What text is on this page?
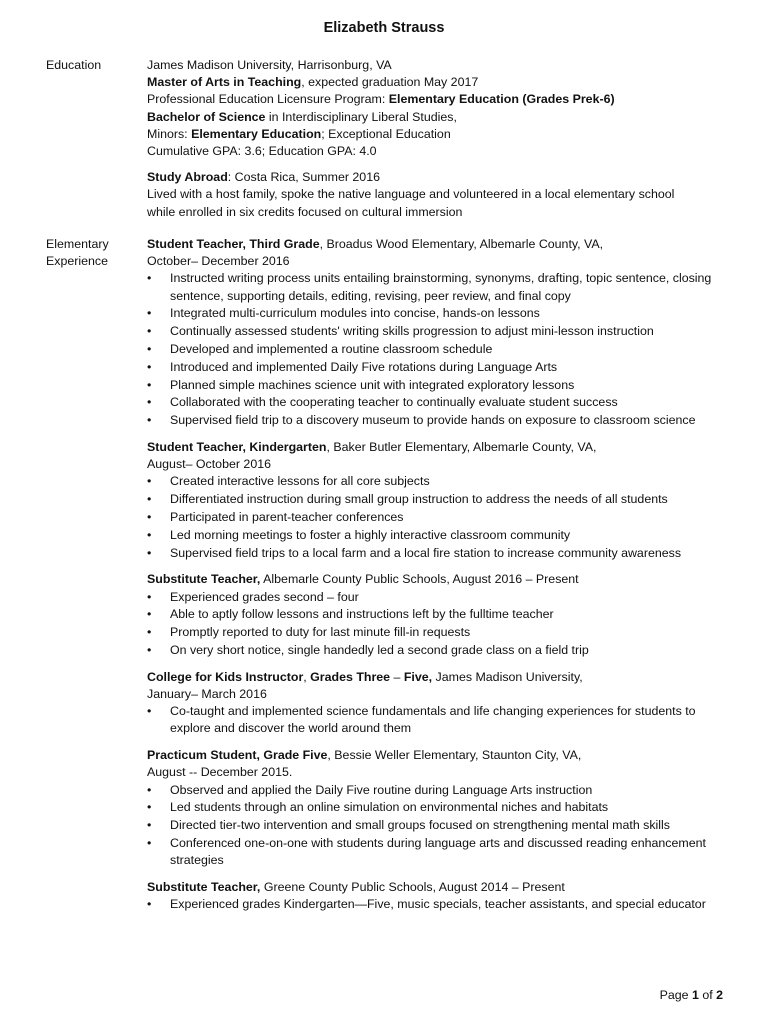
Elizabeth Strauss
Education	James Madison University, Harrisonburg, VA
Master of Arts in Teaching, expected graduation May 2017
Professional Education Licensure Program: Elementary Education (Grades Prek-6)
Bachelor of Science in Interdisciplinary Liberal Studies,
Minors: Elementary Education; Exceptional Education
Cumulative GPA: 3.6; Education GPA: 4.0
Study Abroad: Costa Rica, Summer 2016
Lived with a host family, spoke the native language and volunteered in a local elementary school
while enrolled in six credits focused on cultural immersion
Elementary
Experience
Student Teacher, Third Grade, Broadus Wood Elementary, Albemarle County, VA,
October– December 2016
• Instructed writing process units entailing brainstorming, synonyms, drafting, topic sentence, closing sentence, supporting details, editing, revising, peer review, and final copy
• Integrated multi-curriculum modules into concise, hands-on lessons
• Continually assessed students' writing skills progression to adjust mini-lesson instruction
• Developed and implemented a routine classroom schedule
• Introduced and implemented Daily Five rotations during Language Arts
• Planned simple machines science unit with integrated exploratory lessons
• Collaborated with the cooperating teacher to continually evaluate student success
• Supervised field trip to a discovery museum to provide hands on exposure to classroom science
Student Teacher, Kindergarten, Baker Butler Elementary, Albemarle County, VA,
August– October 2016
• Created interactive lessons for all core subjects
• Differentiated instruction during small group instruction to address the needs of all students
• Participated in parent-teacher conferences
• Led morning meetings to foster a highly interactive classroom community
• Supervised field trips to a local farm and a local fire station to increase community awareness
Substitute Teacher, Albemarle County Public Schools, August 2016 – Present
• Experienced grades second – four
• Able to aptly follow lessons and instructions left by the fulltime teacher
• Promptly reported to duty for last minute fill-in requests
• On very short notice, single handedly led a second grade class on a field trip
College for Kids Instructor, Grades Three – Five, James Madison University,
January– March 2016
• Co-taught and implemented science fundamentals and life changing experiences for students to explore and discover the world around them
Practicum Student, Grade Five, Bessie Weller Elementary, Staunton City, VA,
August -- December 2015.
• Observed and applied the Daily Five routine during Language Arts instruction
• Led students through an online simulation on environmental niches and habitats
• Directed tier-two intervention and small groups focused on strengthening mental math skills
• Conferenced one-on-one with students during language arts and discussed reading enhancement strategies
Substitute Teacher, Greene County Public Schools, August 2014 – Present
• Experienced grades Kindergarten—Five, music specials, teacher assistants, and special educator
Page 1 of 2
